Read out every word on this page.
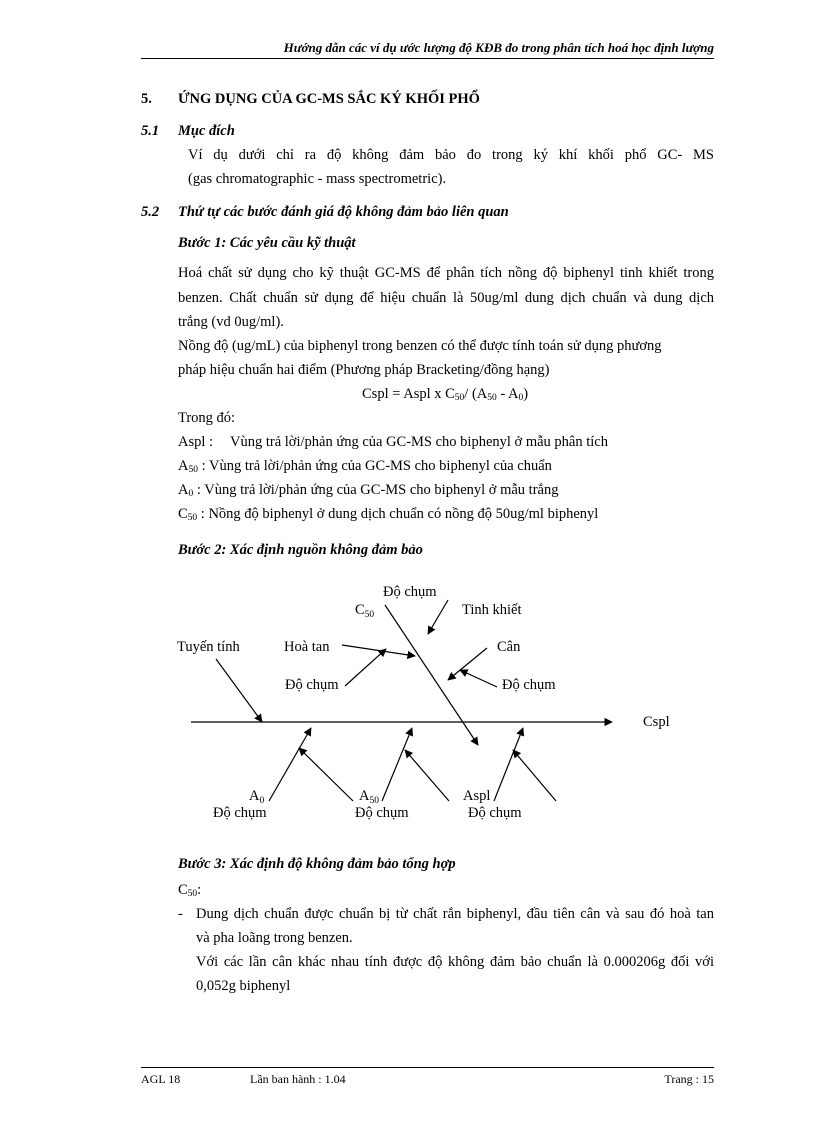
Hướng dẫn các ví dụ ước lượng độ KĐB đo trong phân tích hoá học định lượng
5. ỨNG DỤNG CỦA GC-MS SẮC KÝ KHỐI PHỔ
5.1 Mục đích
Ví dụ dưới chỉ ra độ không đảm bảo đo trong ký khí khối phổ GC- MS
(gas chromatographic - mass spectrometric).
5.2 Thứ tự các bước đánh giá độ không đảm bảo liên quan
Bước 1: Các yêu cầu kỹ thuật
Hoá chất sử dụng cho kỹ thuật GC-MS để phân tích nồng độ biphenyl tinh khiết trong
benzen. Chất chuẩn sử dụng để hiệu chuẩn là 50ug/ml dung dịch chuẩn và dung dịch
trắng (vd 0ug/ml).
Nồng độ (ug/mL) của biphenyl trong benzen có thể được tính toán sử dụng phương
pháp hiệu chuẩn hai điểm (Phương pháp Bracketing/đồng hạng)
Cspl = Aspl x $C_{50}/$ $(A_{50} - A_0)$
Trong đó:
Aspl : Vùng trả lời/phản ứng của GC-MS cho biphenyl ở mẫu phân tích
$A_{50}$ : Vùng trả lời/phản ứng của GC-MS cho biphenyl của chuẩn
$A_0$ : Vùng trả lời/phản ứng của GC-MS cho biphenyl ở mẫu trắng
$C_{50}$ : Nồng độ biphenyl ở dung dịch chuẩn có nồng độ 50ug/ml biphenyl
Bước 2: Xác định nguồn không đảm bảo
Độ chụm
$C_{50}$	Tinh khiết
Tuyến tính	Hoà tan	Cân
Độ chụm	Độ chụm
Cspl
$A_0$	$A_{50}$	Aspl
Độ chụm	Độ chụm	Độ chụm
Bước 3: Xác định độ không đảm bảo tổng hợp
$C_{50}$:
- Dung dịch chuẩn được chuẩn bị từ chất rắn biphenyl, đầu tiên cân và sau đó hoà tan
và pha loãng trong benzen.
Với các lần cân khác nhau tính được độ không đảm bảo chuẩn là 0.000206g đối với
0,052g biphenyl
AGL 18	Lần ban hành : 1.04	Trang : 15
